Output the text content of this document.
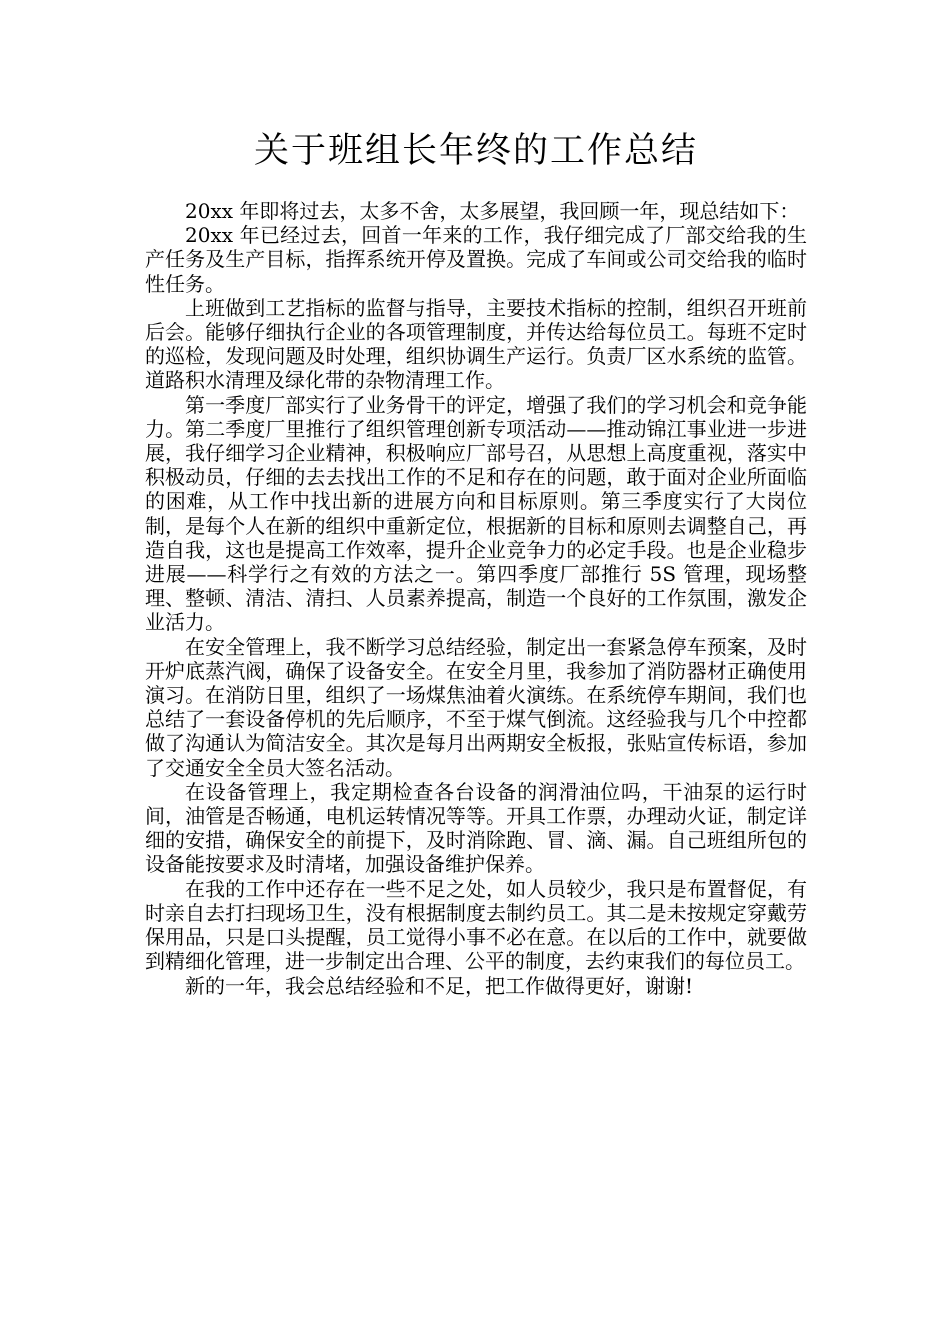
关于班组长年终的工作总结

20xx 年即将过去，太多不舍，太多展望，我回顾一年，现总结如下：

20xx 年已经过去，回首一年来的工作，我仔细完成了厂部交给我的生产任务及生产目标，指挥系统开停及置换。完成了车间或公司交给我的临时性任务。

上班做到工艺指标的监督与指导，主要技术指标的控制，组织召开班前后会。能够仔细执行企业的各项管理制度，并传达给每位员工。每班不定时的巡检，发现问题及时处理，组织协调生产运行。负责厂区水系统的监管。道路积水清理及绿化带的杂物清理工作。

第一季度厂部实行了业务骨干的评定，增强了我们的学习机会和竞争能力。第二季度厂里推行了组织管理创新专项活动——推动锦江事业进一步进展，我仔细学习企业精神，积极响应厂部号召，从思想上高度重视，落实中积极动员，仔细的去去找出工作的不足和存在的问题，敢于面对企业所面临的困难，从工作中找出新的进展方向和目标原则。第三季度实行了大岗位制，是每个人在新的组织中重新定位，根据新的目标和原则去调整自己，再造自我，这也是提高工作效率，提升企业竞争力的必定手段。也是企业稳步进展——科学行之有效的方法之一。第四季度厂部推行 5S 管理，现场整理、整顿、清洁、清扫、人员素养提高，制造一个良好的工作氛围，激发企业活力。

在安全管理上，我不断学习总结经验，制定出一套紧急停车预案，及时开炉底蒸汽阀，确保了设备安全。在安全月里，我参加了消防器材正确使用演习。在消防日里，组织了一场煤焦油着火演练。在系统停车期间，我们也总结了一套设备停机的先后顺序，不至于煤气倒流。这经验我与几个中控都做了沟通认为简洁安全。其次是每月出两期安全板报，张贴宣传标语，参加了交通安全全员大签名活动。

在设备管理上，我定期检查各台设备的润滑油位吗，干油泵的运行时间，油管是否畅通，电机运转情况等等。开具工作票，办理动火证，制定详细的安措，确保安全的前提下，及时消除跑、冒、滴、漏。自己班组所包的设备能按要求及时清堵，加强设备维护保养。

在我的工作中还存在一些不足之处，如人员较少，我只是布置督促，有时亲自去打扫现场卫生，没有根据制度去制约员工。其二是未按规定穿戴劳保用品，只是口头提醒，员工觉得小事不必在意。在以后的工作中，就要做到精细化管理，进一步制定出合理、公平的制度，去约束我们的每位员工。

新的一年，我会总结经验和不足，把工作做得更好，谢谢!
